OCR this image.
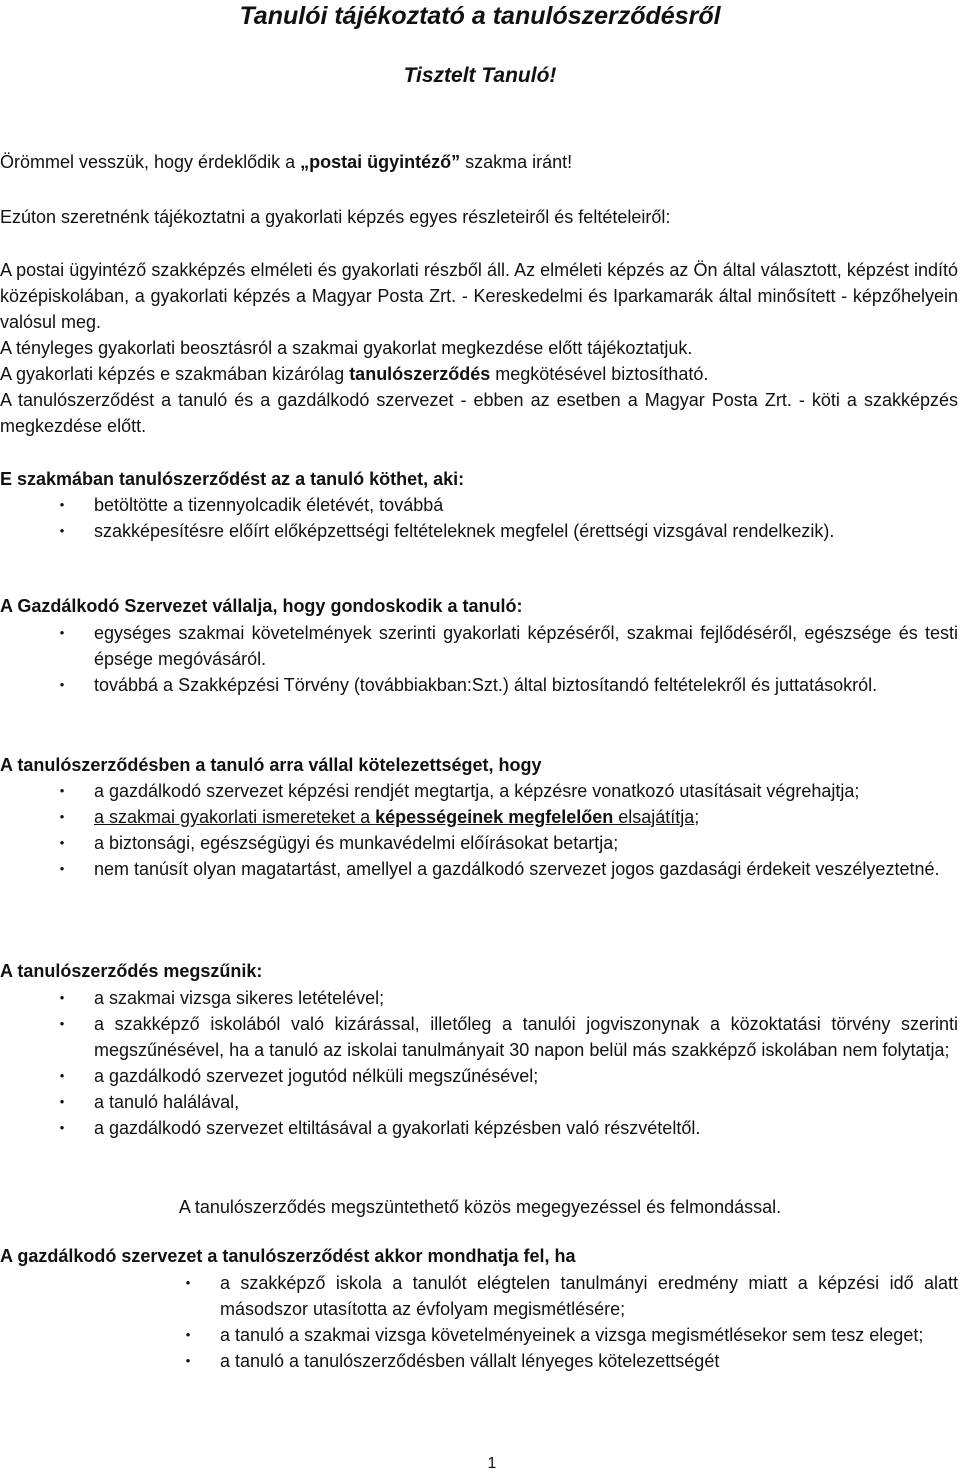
Tanulói tájékoztató a tanulószerződésről

Tisztelt Tanuló!

Örömmel vesszük, hogy érdeklődik a „postai ügyintéző” szakma iránt!

Ezúton szeretnénk tájékoztatni a gyakorlati képzés egyes részleteiről és feltételeiről:

A postai ügyintéző szakképzés elméleti és gyakorlati részből áll. Az elméleti képzés az Ön által választott, képzést indító középiskolában, a gyakorlati képzés a Magyar Posta Zrt. - Kereskedelmi és Iparkamarák által minősített - képzőhelyein valósul meg.

A tényleges gyakorlati beosztásról a szakmai gyakorlat megkezdése előtt tájékoztatjuk.

A gyakorlati képzés e szakmában kizárólag tanulószerződés megkötésével biztosítható.

A tanulószerződést a tanuló és a gazdálkodó szervezet - ebben az esetben a Magyar Posta Zrt. - köti a szakképzés megkezdése előtt.

E szakmában tanulószerződést az a tanuló köthet, aki:

• betöltötte a tizennyolcadik életévét, továbbá
• szakképesítésre előírt előképzettségi feltételeknek megfelel (érettségi vizsgával rendelkezik).

A Gazdálkodó Szervezet vállalja, hogy gondoskodik a tanuló:

• egységes szakmai követelmények szerinti gyakorlati képzéséről, szakmai fejlődéséről, egészsége és testi épsége megóvásáról.
• továbbá a Szakképzési Törvény (továbbiakban:Szt.) által biztosítandó feltételekről és juttatásokról.

A tanulószerződésben a tanuló arra vállal kötelezettséget, hogy

• a gazdálkodó szervezet képzési rendjét megtartja, a képzésre vonatkozó utasításait végrehajtja;
• a szakmai gyakorlati ismereteket a képességeinek megfelelően elsajátítja;
• a biztonsági, egészségügyi és munkavédelmi előírásokat betartja;
• nem tanúsít olyan magatartást, amellyel a gazdálkodó szervezet jogos gazdasági érdekeit veszélyeztetné.

A tanulószerződés megszűnik:

• a szakmai vizsga sikeres letételével;
• a szakképző iskolából való kizárással, illetőleg a tanulói jogviszonynak a közoktatási törvény szerinti megszűnésével, ha a tanuló az iskolai tanulmányait 30 napon belül más szakképző iskolában nem folytatja;
• a gazdálkodó szervezet jogutód nélküli megszűnésével;
• a tanuló halálával,
• a gazdálkodó szervezet eltiltásával a gyakorlati képzésben való részvételtől.

A tanulószerződés megszüntethető közös megegyezéssel és felmondással.

A gazdálkodó szervezet a tanulószerződést akkor mondhatja fel, ha

• a szakképző iskola a tanulót elégtelen tanulmányi eredmény miatt a képzési idő alatt másodszor utasította az évfolyam megismétlésére;
• a tanuló a szakmai vizsga követelményeinek a vizsga megismétlésekor sem tesz eleget;
• a tanuló a tanulószerződésben vállalt lényeges kötelezettségét
1
